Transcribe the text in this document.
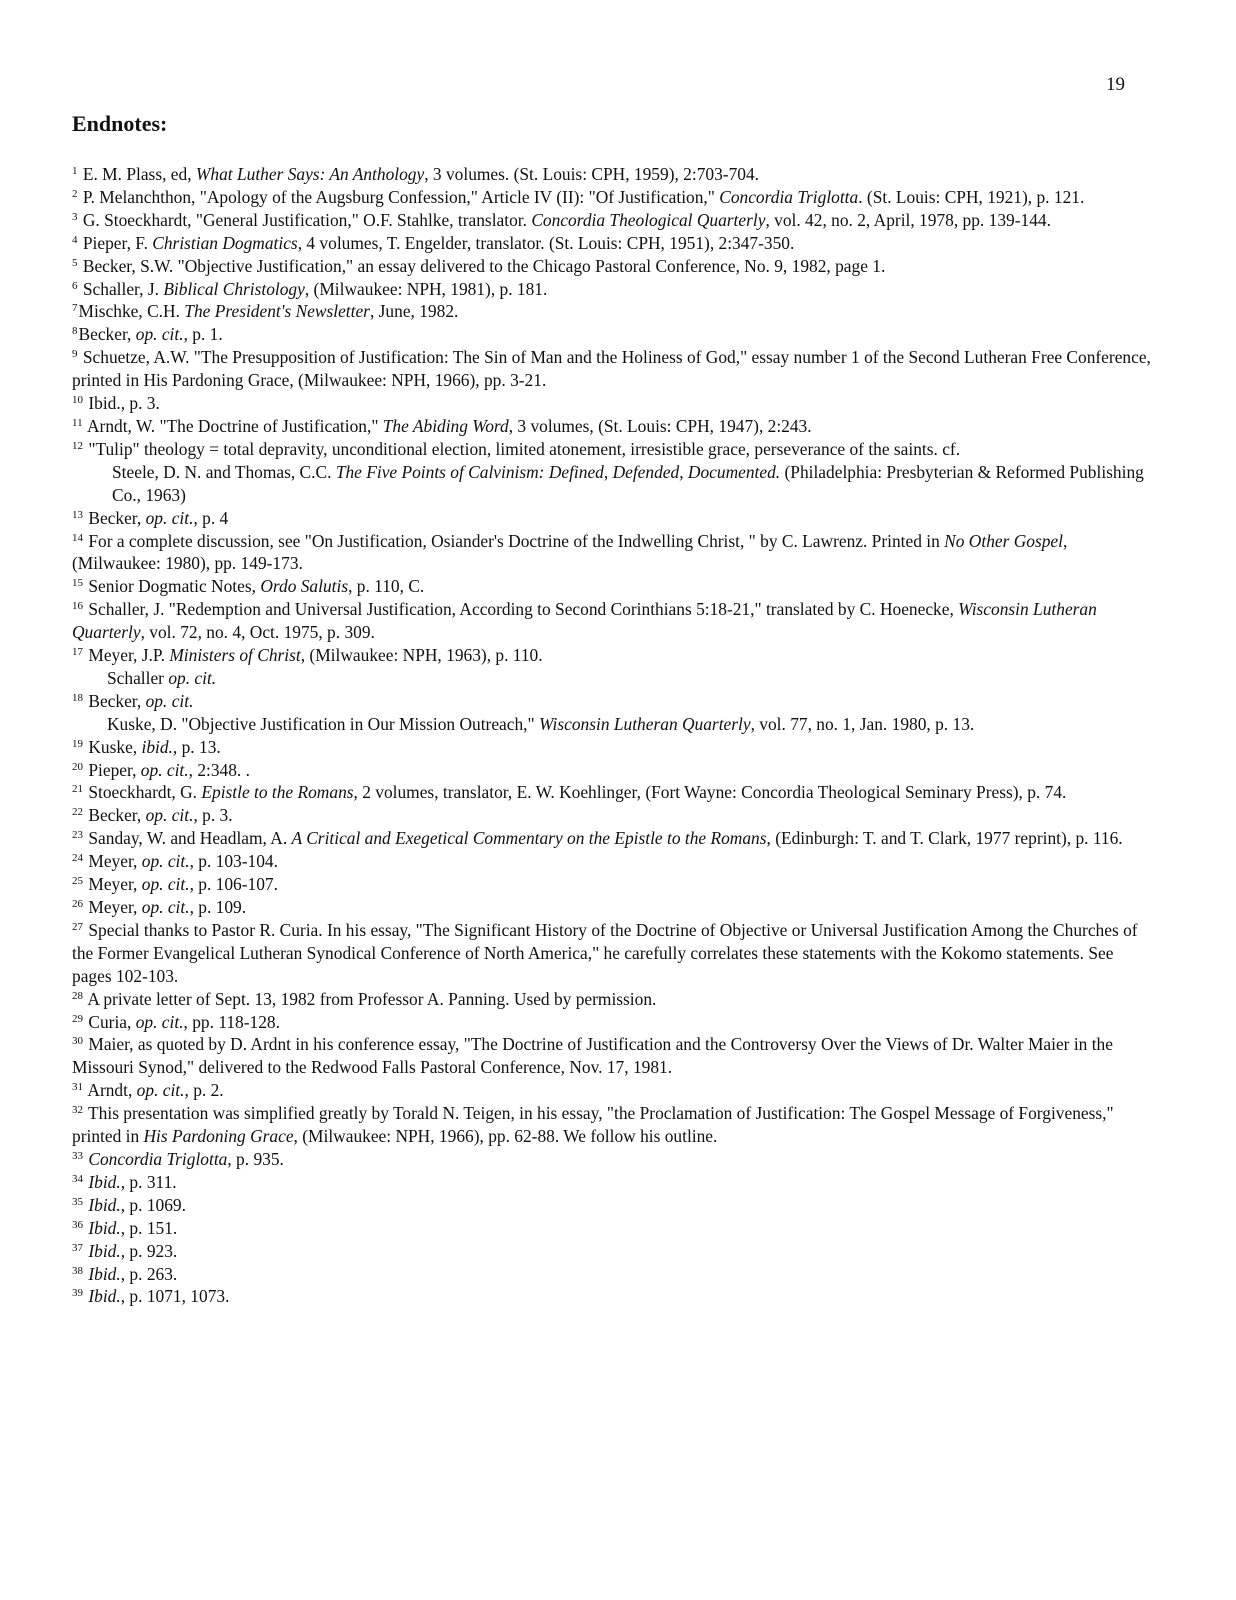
19
Endnotes:

$^1$ E. M. Plass, ed, What Luther Says: An Anthology, 3 volumes. (St. Louis: CPH, 1959), 2:703-704.

$^2$ P. Melanchthon, "Apology of the Augsburg Confession," Article IV (II): "Of Justification," Concordia Triglotta. (St. Louis: CPH, 1921), p. 121.

$^3$ G. Stoeckhardt, "General Justification," O.F. Stahlke, translator. Concordia Theological Quarterly, vol. 42, no. 2, April, 1978, pp. 139-144.

$^4$ Pieper, F. Christian Dogmatics, 4 volumes, T. Engelder, translator. (St. Louis: CPH, 1951), 2:347-350.

$^5$ Becker, S.W. "Objective Justification," an essay delivered to the Chicago Pastoral Conference, No. 9, 1982, page 1.

$^6$ Schaller, J. Biblical Christology, (Milwaukee: NPH, 1981), p. 181.

$^7$Mischke, C.H. The President's Newsletter, June, 1982.

$^8$Becker, op. cit., p. 1.

$^9$ Schuetze, A.W. "The Presupposition of Justification: The Sin of Man and the Holiness of God," essay number 1 of the Second Lutheran Free Conference, printed in His Pardoning Grace, (Milwaukee: NPH, 1966), pp. 3-21.

$^{10}$ Ibid., p. 3.

$^{11}$ Arndt, W. "The Doctrine of Justification," The Abiding Word, 3 volumes, (St. Louis: CPH, 1947), 2:243.

$^{12}$ "Tulip" theology = total depravity, unconditional election, limited atonement, irresistible grace, perseverance of the saints. cf.
Steele, D. N. and Thomas, C.C. The Five Points of Calvinism: Defined, Defended, Documented. (Philadelphia: Presbyterian & Reformed Publishing Co., 1963)

$^{13}$ Becker, op. cit., p. 4

$^{14}$ For a complete discussion, see "On Justification, Osiander's Doctrine of the Indwelling Christ, " by C. Lawrenz. Printed in No Other Gospel, (Milwaukee: 1980), pp. 149-173.

$^{15}$ Senior Dogmatic Notes, Ordo Salutis, p. 110, C.

$^{16}$ Schaller, J. "Redemption and Universal Justification, According to Second Corinthians 5:18-21," translated by C. Hoenecke, Wisconsin Lutheran Quarterly, vol. 72, no. 4, Oct. 1975, p. 309.

$^{17}$ Meyer, J.P. Ministers of Christ, (Milwaukee: NPH, 1963), p. 110.

Schaller op. cit.

$^{18}$ Becker, op. cit.

Kuske, D. "Objective Justification in Our Mission Outreach," Wisconsin Lutheran Quarterly, vol. 77, no. 1, Jan. 1980, p. 13.

$^{19}$ Kuske, ibid., p. 13.

$^{20}$ Pieper, op. cit., 2:348. .

$^{21}$ Stoeckhardt, G. Epistle to the Romans, 2 volumes, translator, E. W. Koehlinger, (Fort Wayne: Concordia Theological Seminary Press), p. 74.

$^{22}$ Becker, op. cit., p. 3.

$^{23}$ Sanday, W. and Headlam, A. A Critical and Exegetical Commentary on the Epistle to the Romans, (Edinburgh: T. and T. Clark, 1977 reprint), p. 116.

$^{24}$ Meyer, op. cit., p. 103-104.

$^{25}$ Meyer, op. cit., p. 106-107.

$^{26}$ Meyer, op. cit., p. 109.

$^{27}$ Special thanks to Pastor R. Curia. In his essay, "The Significant History of the Doctrine of Objective or Universal Justification Among the Churches of the Former Evangelical Lutheran Synodical Conference of North America," he carefully correlates these statements with the Kokomo statements. See pages 102-103.

$^{28}$ A private letter of Sept. 13, 1982 from Professor A. Panning. Used by permission.

$^{29}$ Curia, op. cit., pp. 118-128.

$^{30}$ Maier, as quoted by D. Ardnt in his conference essay, "The Doctrine of Justification and the Controversy Over the Views of Dr. Walter Maier in the Missouri Synod," delivered to the Redwood Falls Pastoral Conference, Nov. 17, 1981.

$^{31}$ Arndt, op. cit., p. 2.

$^{32}$ This presentation was simplified greatly by Torald N. Teigen, in his essay, "the Proclamation of Justification: The Gospel Message of Forgiveness," printed in His Pardoning Grace, (Milwaukee: NPH, 1966), pp. 62-88. We follow his outline.

$^{33}$ Concordia Triglotta, p. 935.

$^{34}$ Ibid., p. 311.

$^{35}$ Ibid., p. 1069.

$^{36}$ Ibid., p. 151.

$^{37}$ Ibid., p. 923.

$^{38}$ Ibid., p. 263.

$^{39}$ Ibid., p. 1071, 1073.
